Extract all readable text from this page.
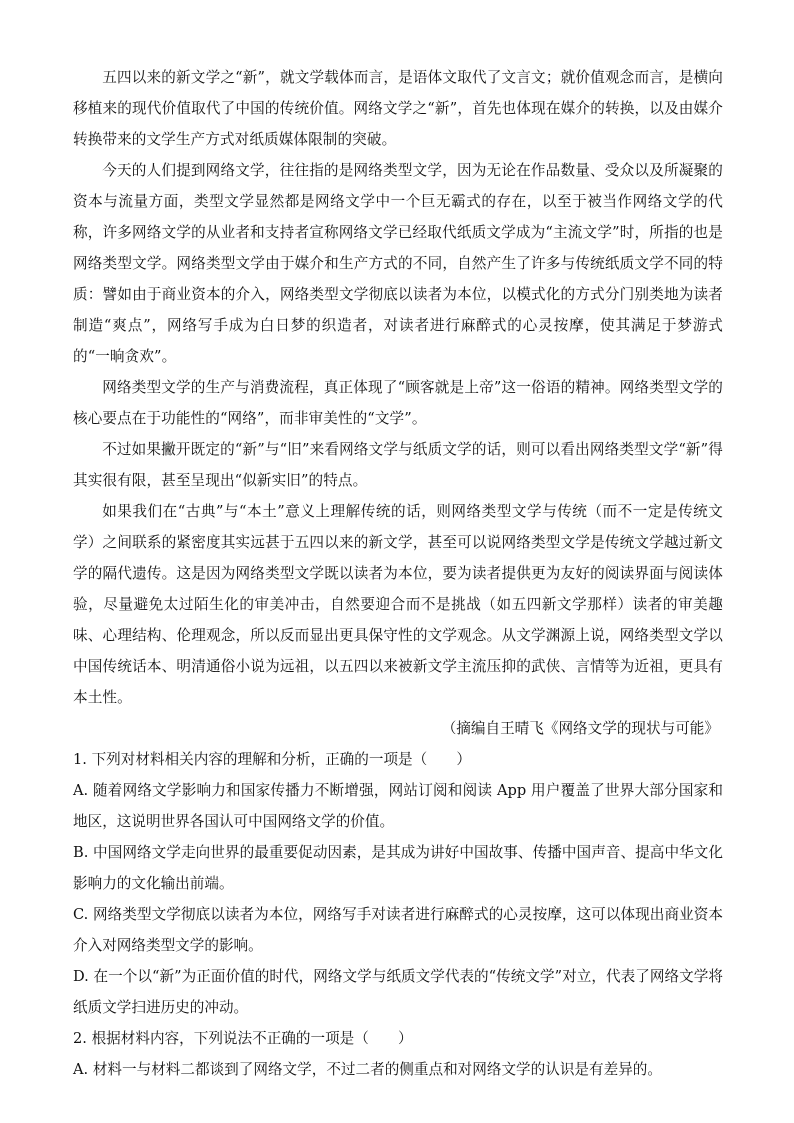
五四以来的新文学之“新”，就文学载体而言，是语体文取代了文言文；就价值观念而言，是横向移植来的现代价值取代了中国的传统价值。网络文学之“新”，首先也体现在媒介的转换，以及由媒介转换带来的文学生产方式对纸质媒体限制的突破。

今天的人们提到网络文学，往往指的是网络类型文学，因为无论在作品数量、受众以及所凝聚的资本与流量方面，类型文学显然都是网络文学中一个巨无霸式的存在，以至于被当作网络文学的代称，许多网络文学的从业者和支持者宣称网络文学已经取代纸质文学成为“主流文学”时，所指的也是网络类型文学。网络类型文学由于媒介和生产方式的不同，自然产生了许多与传统纸质文学不同的特质：譬如由于商业资本的介入，网络类型文学彻底以读者为本位，以模式化的方式分门别类地为读者制造“爽点”，网络写手成为白日梦的织造者，对读者进行麻醉式的心灵按摩，使其满足于梦游式的“一晌贪欢”。

网络类型文学的生产与消费流程，真正体现了“顾客就是上帝”这一俗语的精神。网络类型文学的核心要点在于功能性的“网络”，而非审美性的“文学”。

不过如果撇开既定的“新”与“旧”来看网络文学与纸质文学的话，则可以看出网络类型文学“新”得其实很有限，甚至呈现出“似新实旧”的特点。

如果我们在“古典”与“本土”意义上理解传统的话，则网络类型文学与传统（而不一定是传统文学）之间联系的紧密度其实远甚于五四以来的新文学，甚至可以说网络类型文学是传统文学越过新文学的隔代遗传。这是因为网络类型文学既以读者为本位，要为读者提供更为友好的阅读界面与阅读体验，尽量避免太过陌生化的审美冲击，自然要迎合而不是挑战（如五四新文学那样）读者的审美趣味、心理结构、伦理观念，所以反而显出更具保守性的文学观念。从文学渊源上说，网络类型文学以中国传统话本、明清通俗小说为远祖，以五四以来被新文学主流压抑的武侠、言情等为近祖，更具有本土性。

（摘编自王晴飞《网络文学的现状与可能》

1. 下列对材料相关内容的理解和分析，正确的一项是（　　）

A. 随着网络文学影响力和国家传播力不断增强，网站订阅和阅读 App 用户覆盖了世界大部分国家和地区，这说明世界各国认可中国网络文学的价值。

B. 中国网络文学走向世界的最重要促动因素，是其成为讲好中国故事、传播中国声音、提高中华文化影响力的文化输出前端。

C. 网络类型文学彻底以读者为本位，网络写手对读者进行麻醉式的心灵按摩，这可以体现出商业资本介入对网络类型文学的影响。

D. 在一个以“新”为正面价值的时代，网络文学与纸质文学代表的“传统文学”对立，代表了网络文学将纸质文学扫进历史的冲动。

2. 根据材料内容，下列说法不正确的一项是（　　）

A. 材料一与材料二都谈到了网络文学，不过二者的侧重点和对网络文学的认识是有差异的。
